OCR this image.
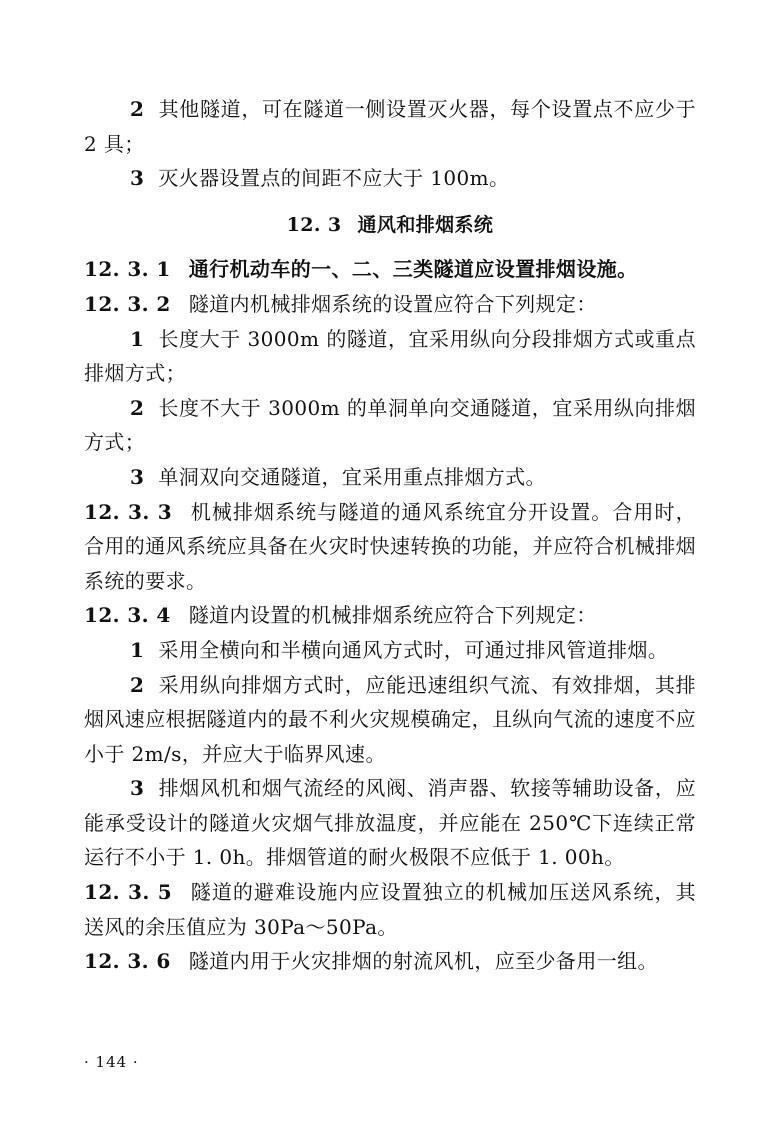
2 其他隧道，可在隧道一侧设置灭火器，每个设置点不应少于 2 具；

3 灭火器设置点的间距不应大于 100m。

12. 3 通风和排烟系统

12. 3. 1 通行机动车的一、二、三类隧道应设置排烟设施。

12. 3. 2 隧道内机械排烟系统的设置应符合下列规定：

1 长度大于 3000m 的隧道，宜采用纵向分段排烟方式或重点排烟方式；

2 长度不大于 3000m 的单洞单向交通隧道，宜采用纵向排烟方式；

3 单洞双向交通隧道，宜采用重点排烟方式。

12. 3. 3 机械排烟系统与隧道的通风系统宜分开设置。合用时，合用的通风系统应具备在火灾时快速转换的功能，并应符合机械排烟系统的要求。

12. 3. 4 隧道内设置的机械排烟系统应符合下列规定：

1 采用全横向和半横向通风方式时，可通过排风管道排烟。

2 采用纵向排烟方式时，应能迅速组织气流、有效排烟，其排烟风速应根据隧道内的最不利火灾规模确定，且纵向气流的速度不应小于 2m/s，并应大于临界风速。

3 排烟风机和烟气流经的风阀、消声器、软接等辅助设备，应能承受设计的隧道火灾烟气排放温度，并应能在 250℃下连续正常运行不小于 1. 0h。排烟管道的耐火极限不应低于 1. 00h。

12. 3. 5 隧道的避难设施内应设置独立的机械加压送风系统，其送风的余压值应为 30Pa～50Pa。

12. 3. 6 隧道内用于火灾排烟的射流风机，应至少备用一组。

· 144 ·
